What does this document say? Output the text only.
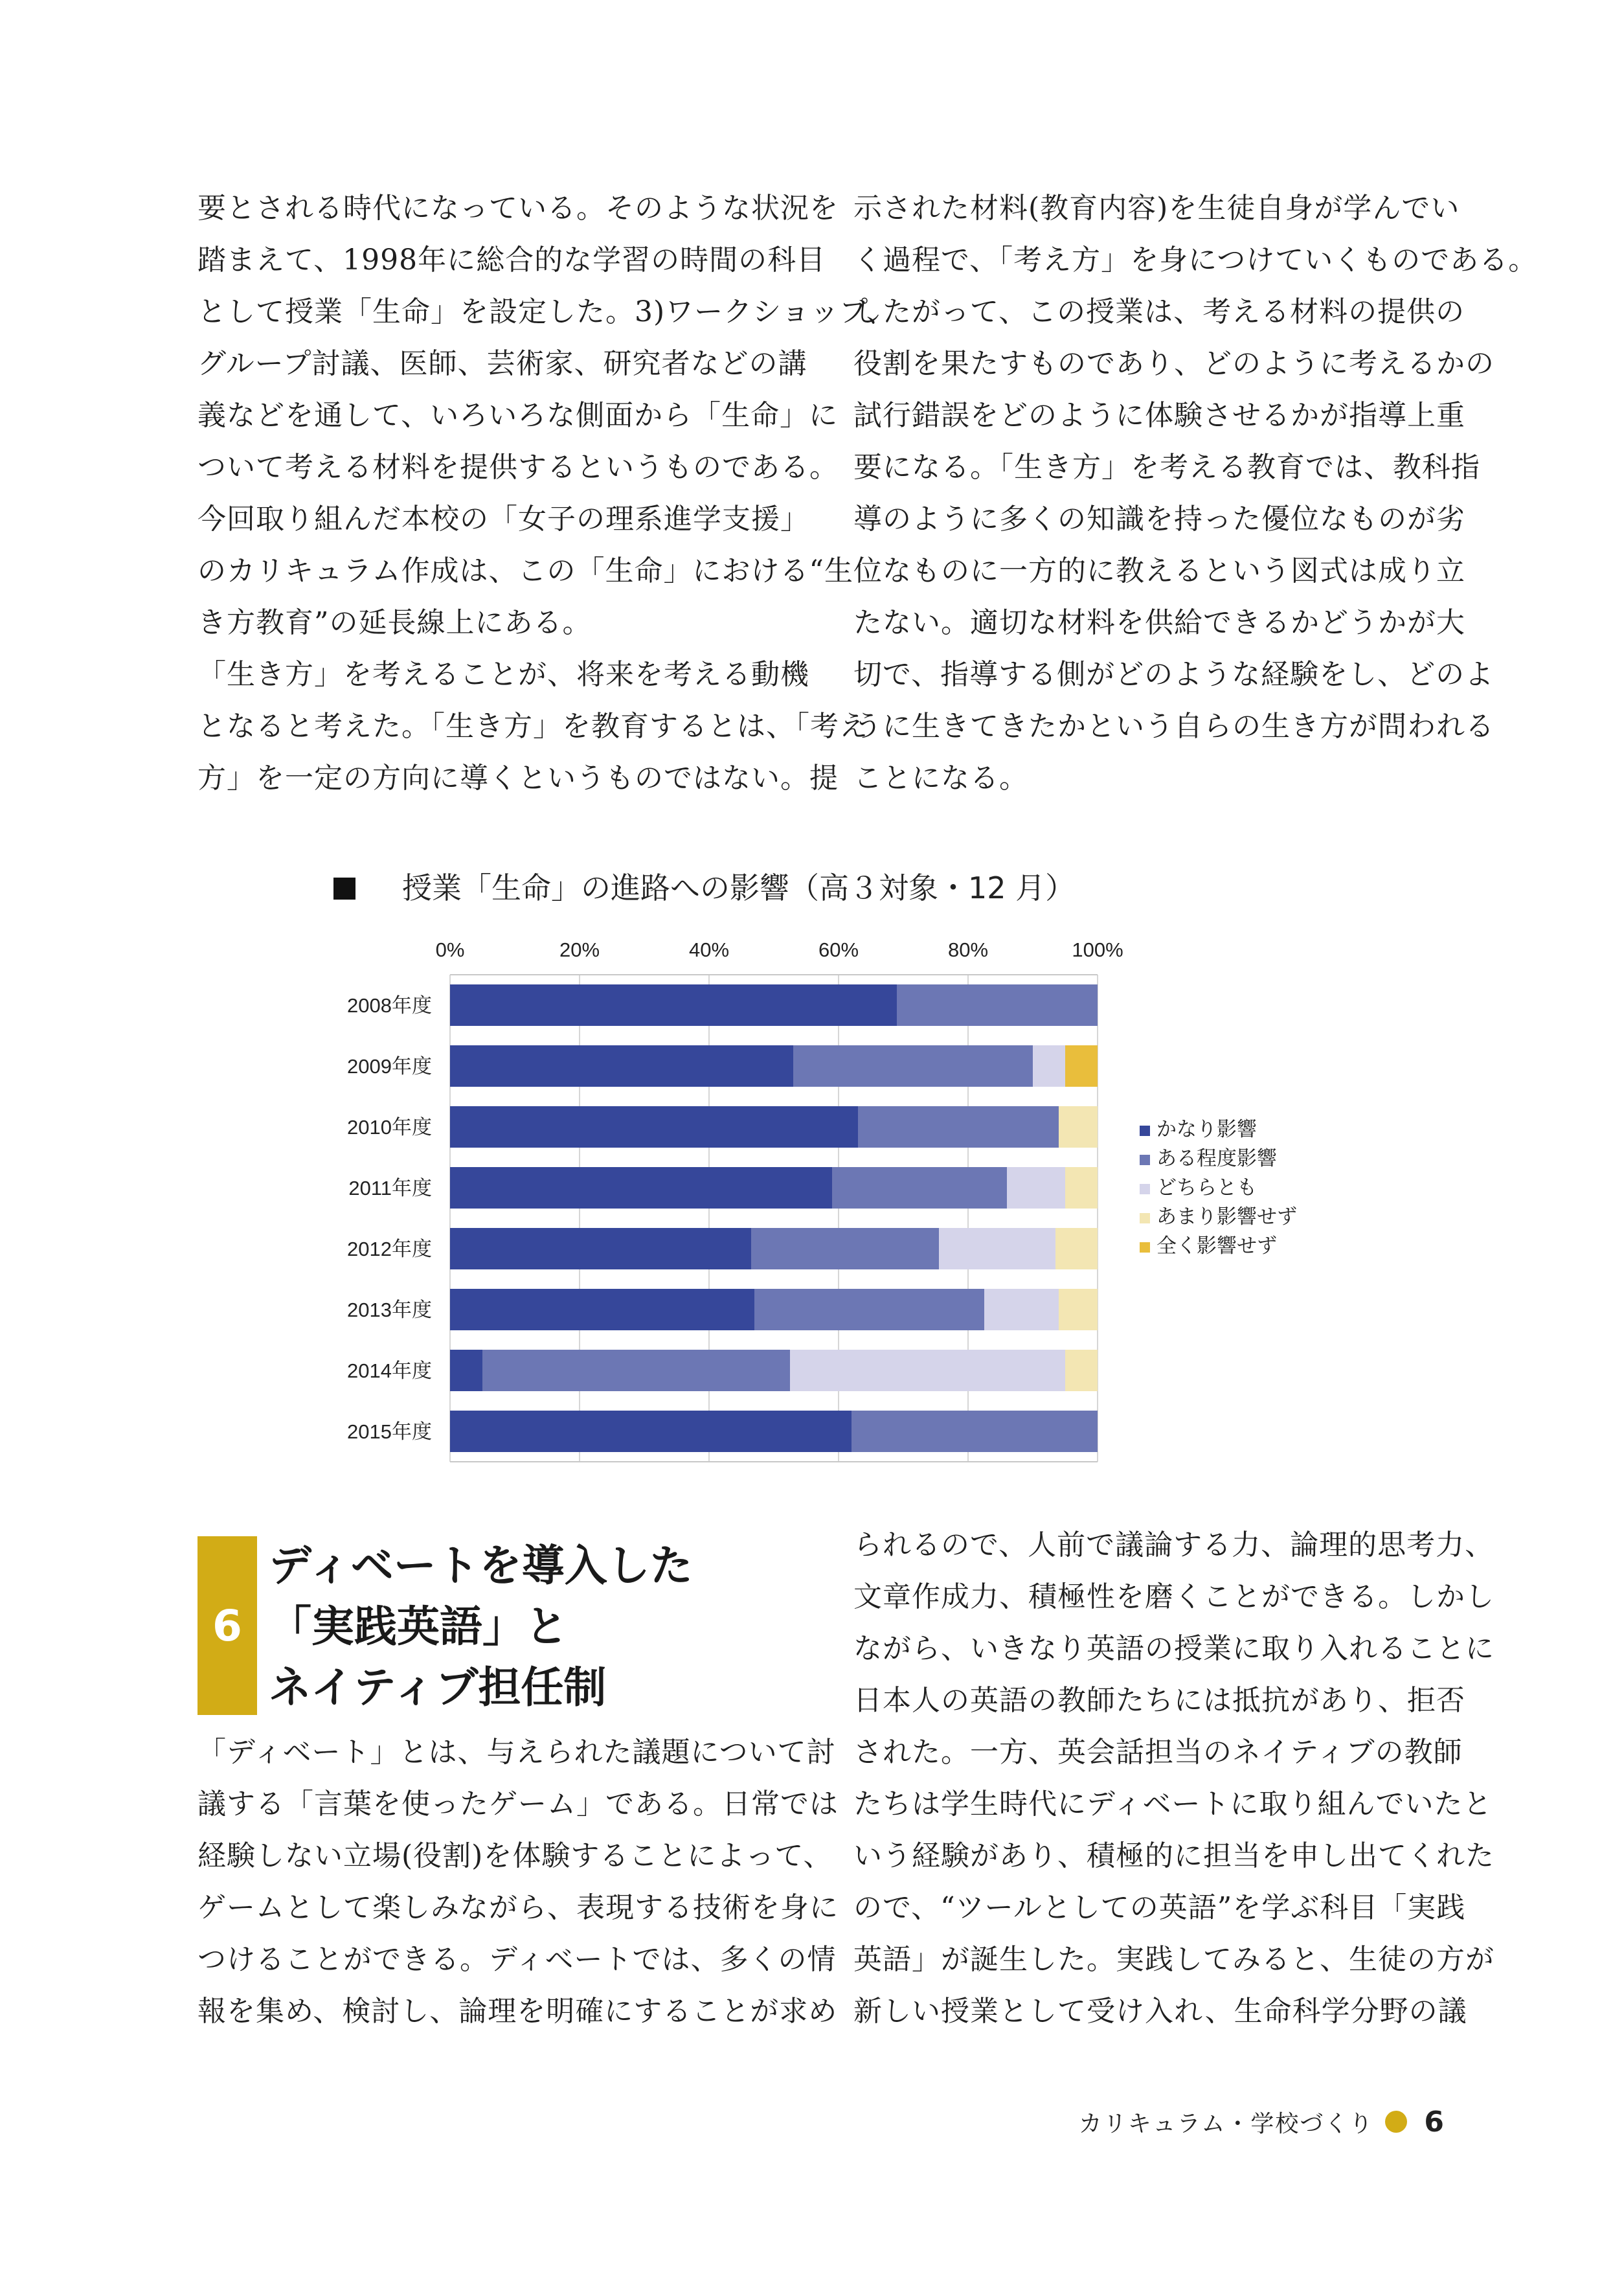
要とされる時代になっている。そのような状況を
踏まえて、1998年に総合的な学習の時間の科目
として授業「生命」を設定した。3)ワークショップ、
グループ討議、医師、芸術家、研究者などの講
義などを通して、いろいろな側面から「生命」に
ついて考える材料を提供するというものである。
今回取り組んだ本校の「女子の理系進学支援」
のカリキュラム作成は、この「生命」における“生
き方教育”の延長線上にある。
「生き方」を考えることが、将来を考える動機
となると考えた。「生き方」を教育するとは、「考え
方」を一定の方向に導くというものではない。提
示された材料(教育内容)を生徒自身が学んでい
く過程で、「考え方」を身につけていくものである。
したがって、この授業は、考える材料の提供の
役割を果たすものであり、どのように考えるかの
試行錯誤をどのように体験させるかが指導上重
要になる。「生き方」を考える教育では、教科指
導のように多くの知識を持った優位なものが劣
位なものに一方的に教えるという図式は成り立
たない。適切な材料を供給できるかどうかが大
切で、指導する側がどのような経験をし、どのよ
うに生きてきたかという自らの生き方が問われる
ことになる。
授業「生命」の進路への影響（高３対象・12 月）
0%	20%	40%	60%	80%	100%
2008年度
2009年度
2010年度
2011年度
2012年度
2013年度
2014年度
2015年度
かなり影響
ある程度影響
どちらとも
あまり影響せず
全く影響せず
6
ディベートを導入した
「実践英語」と
ネイティブ担任制
「ディベート」とは、与えられた議題について討
議する「言葉を使ったゲーム」である。日常では
経験しない立場(役割)を体験することによって、
ゲームとして楽しみながら、表現する技術を身に
つけることができる。ディベートでは、多くの情
報を集め、検討し、論理を明確にすることが求め
られるので、人前で議論する力、論理的思考力、
文章作成力、積極性を磨くことができる。しかし
ながら、いきなり英語の授業に取り入れることに
日本人の英語の教師たちには抵抗があり、拒否
された。一方、英会話担当のネイティブの教師
たちは学生時代にディベートに取り組んでいたと
いう経験があり、積極的に担当を申し出てくれた
ので、“ツールとしての英語”を学ぶ科目「実践
英語」が誕生した。実践してみると、生徒の方が
新しい授業として受け入れ、生命科学分野の議
カリキュラム・学校づくり 6
